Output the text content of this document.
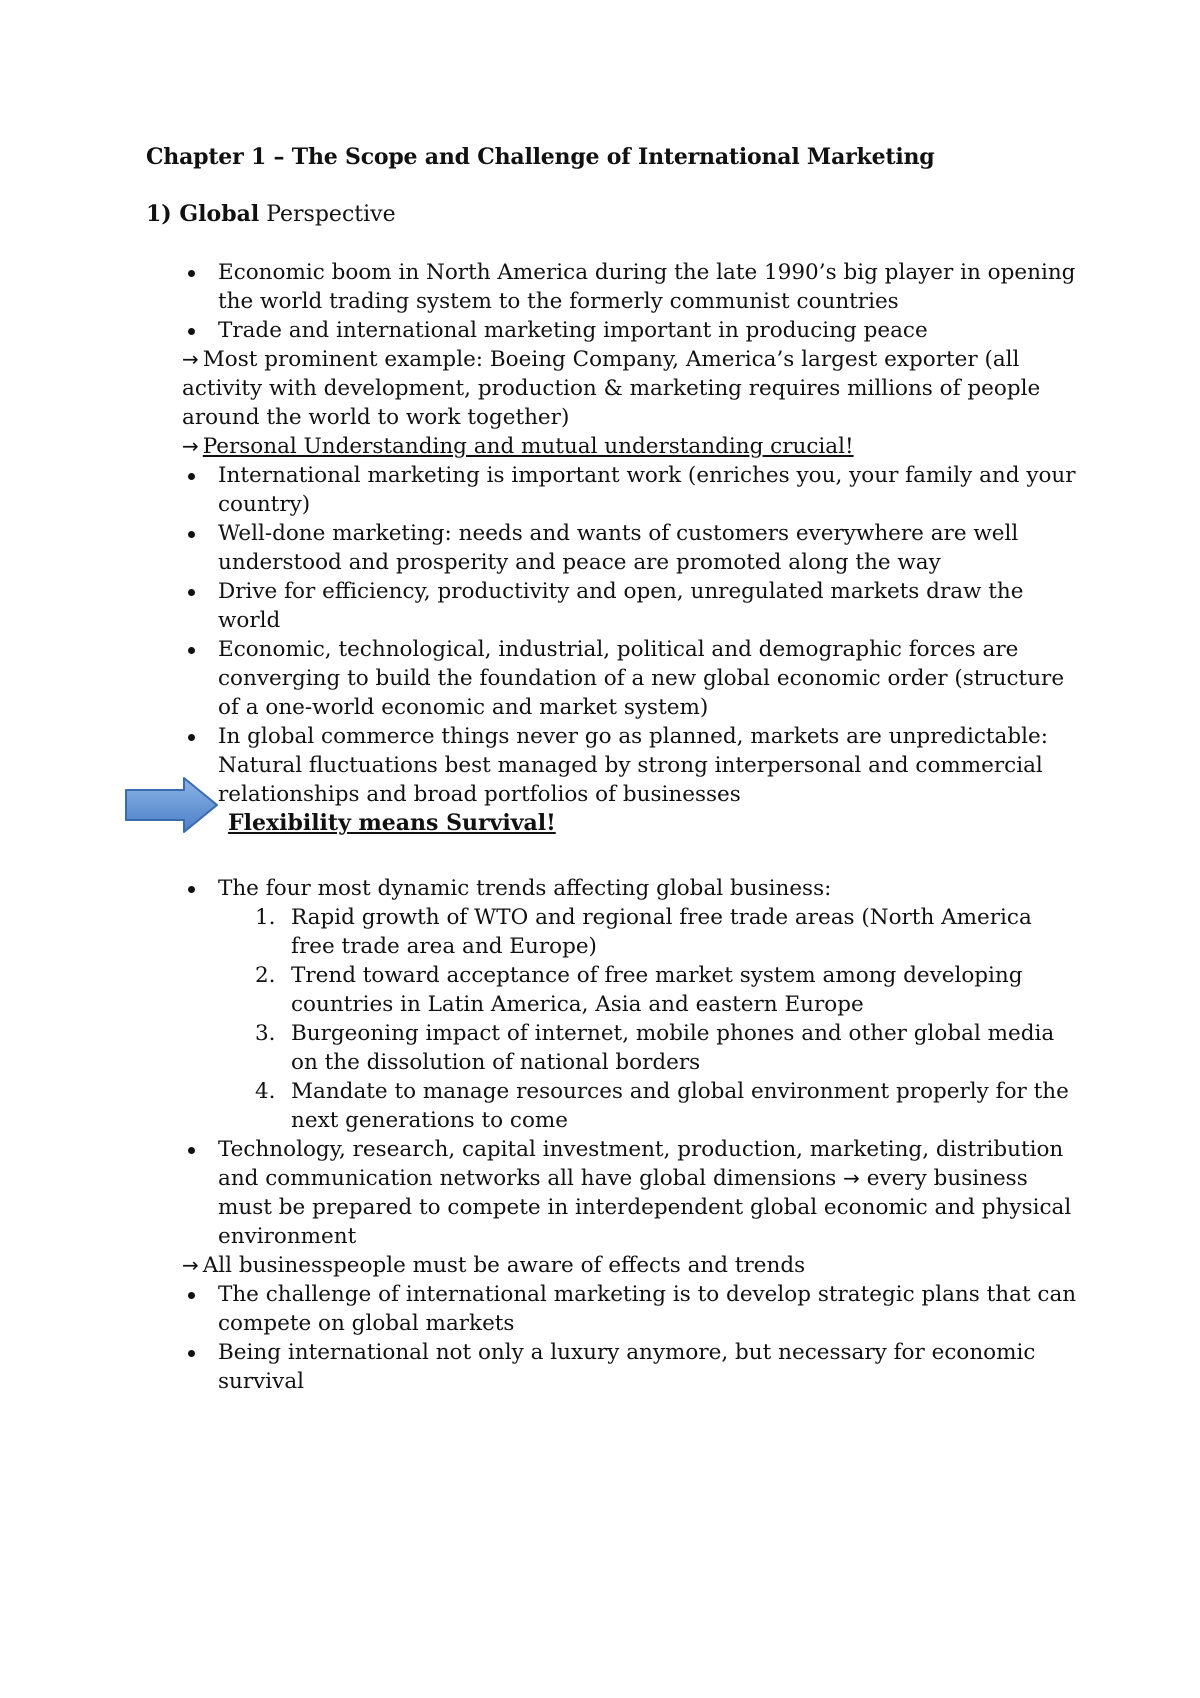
Chapter 1 – The Scope and Challenge of International Marketing
1) Global Perspective
Economic boom in North America during the late 1990’s big player in opening the world trading system to the formerly communist countries
Trade and international marketing important in producing peace
→ Most prominent example: Boeing Company, America’s largest exporter (all activity with development, production & marketing requires millions of people around the world to work together)
→ Personal Understanding and mutual understanding crucial!
International marketing is important work (enriches you, your family and your country)
Well-done marketing: needs and wants of customers everywhere are well understood and prosperity and peace are promoted along the way
Drive for efficiency, productivity and open, unregulated markets draw the world
Economic, technological, industrial, political and demographic forces are converging to build the foundation of a new global economic order (structure of a one-world economic and market system)
In global commerce things never go as planned, markets are unpredictable: Natural fluctuations best managed by strong interpersonal and commercial relationships and broad portfolios of businesses
Flexibility means Survival!
The four most dynamic trends affecting global business:
1. Rapid growth of WTO and regional free trade areas (North America free trade area and Europe)
2. Trend toward acceptance of free market system among developing countries in Latin America, Asia and eastern Europe
3. Burgeoning impact of internet, mobile phones and other global media on the dissolution of national borders
4. Mandate to manage resources and global environment properly for the next generations to come
Technology, research, capital investment, production, marketing, distribution and communication networks all have global dimensions → every business must be prepared to compete in interdependent global economic and physical environment
→ All businesspeople must be aware of effects and trends
The challenge of international marketing is to develop strategic plans that can compete on global markets
Being international not only a luxury anymore, but necessary for economic survival
